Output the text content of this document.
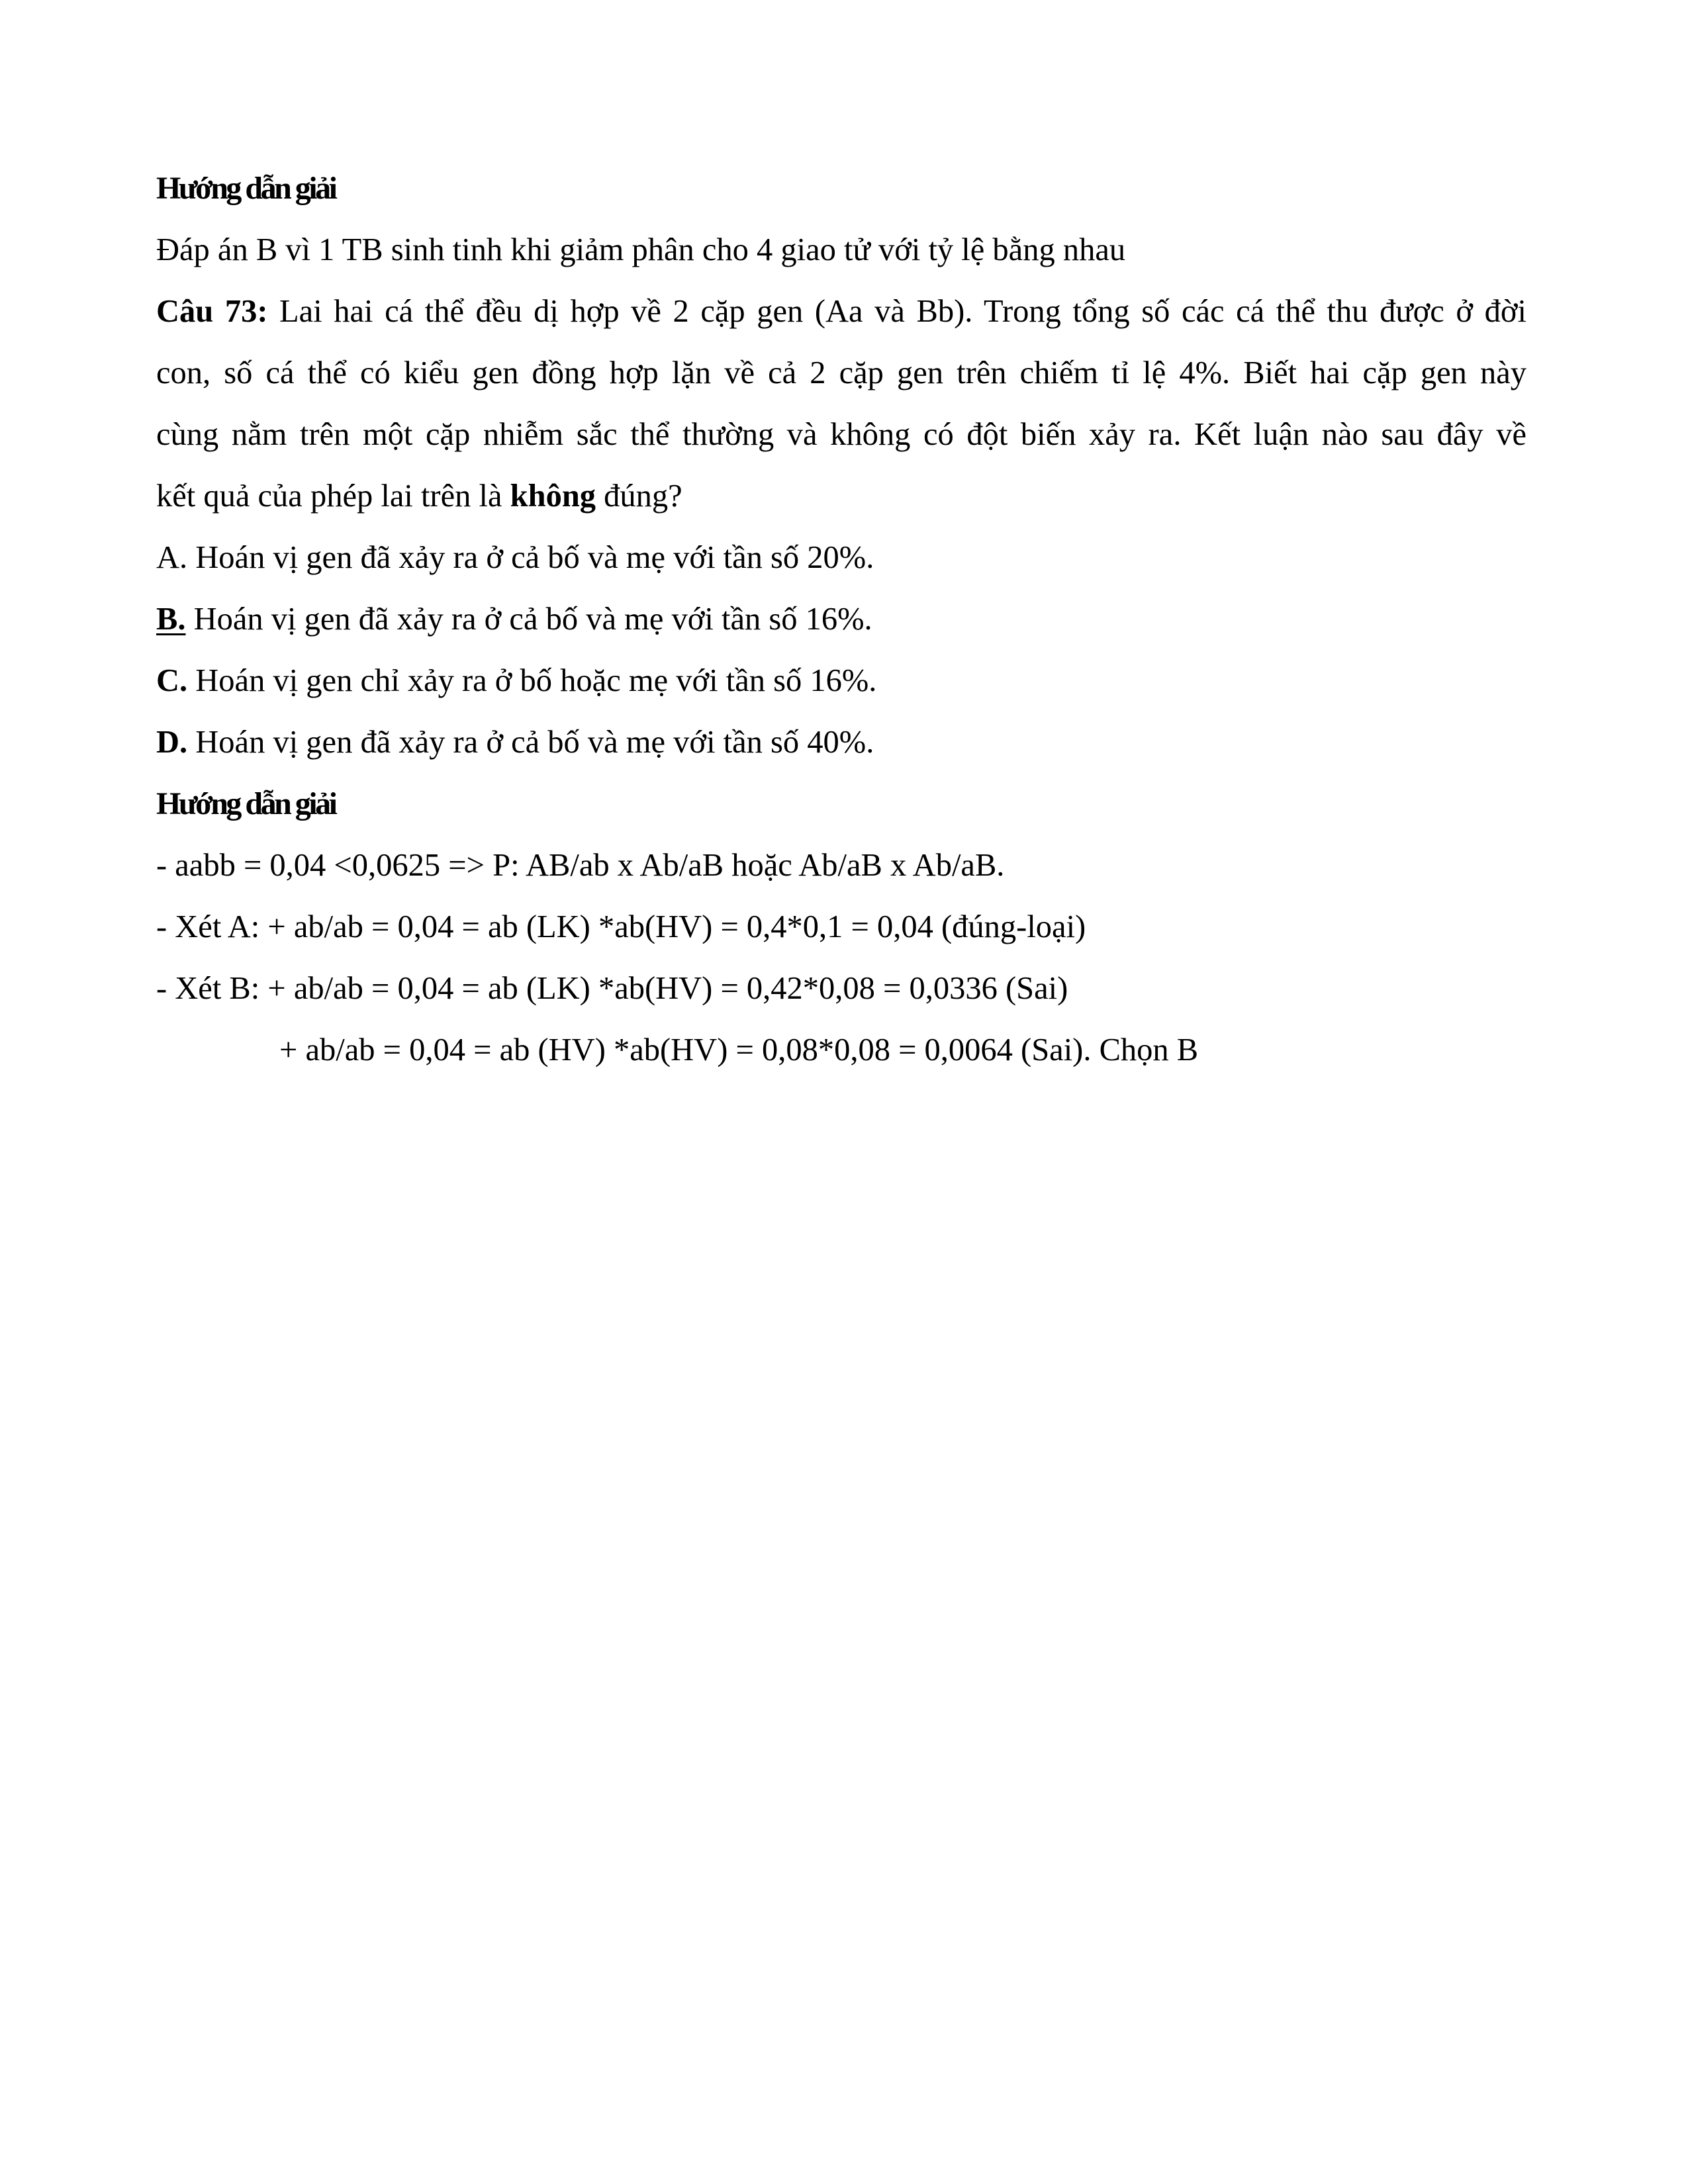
Hướng dẫn giải
Đáp án B vì 1 TB sinh tinh khi giảm phân cho 4 giao tử với tỷ lệ bằng nhau
Câu 73: Lai hai cá thể đều dị hợp về 2 cặp gen (Aa và Bb). Trong tổng số các cá thể thu được ở đời
con, số cá thể có kiểu gen đồng hợp lặn về cả 2 cặp gen trên chiếm tỉ lệ 4%. Biết hai cặp gen này
cùng nằm trên một cặp nhiễm sắc thể thường và không có đột biến xảy ra. Kết luận nào sau đây về
kết quả của phép lai trên là không đúng?
A. Hoán vị gen đã xảy ra ở cả bố và mẹ với tần số 20%.
B. Hoán vị gen đã xảy ra ở cả bố và mẹ với tần số 16%.
C. Hoán vị gen chỉ xảy ra ở bố hoặc mẹ với tần số 16%.
D. Hoán vị gen đã xảy ra ở cả bố và mẹ với tần số 40%.
Hướng dẫn giải
- aabb = 0,04 <0,0625 => P: AB/ab x Ab/aB hoặc Ab/aB x Ab/aB.
- Xét A: + ab/ab = 0,04 = ab (LK) *ab(HV) = 0,4*0,1 = 0,04 (đúng-loại)
- Xét B: + ab/ab = 0,04 = ab (LK) *ab(HV) = 0,42*0,08 = 0,0336 (Sai)
+ ab/ab = 0,04 = ab (HV) *ab(HV) = 0,08*0,08 = 0,0064 (Sai). Chọn B
